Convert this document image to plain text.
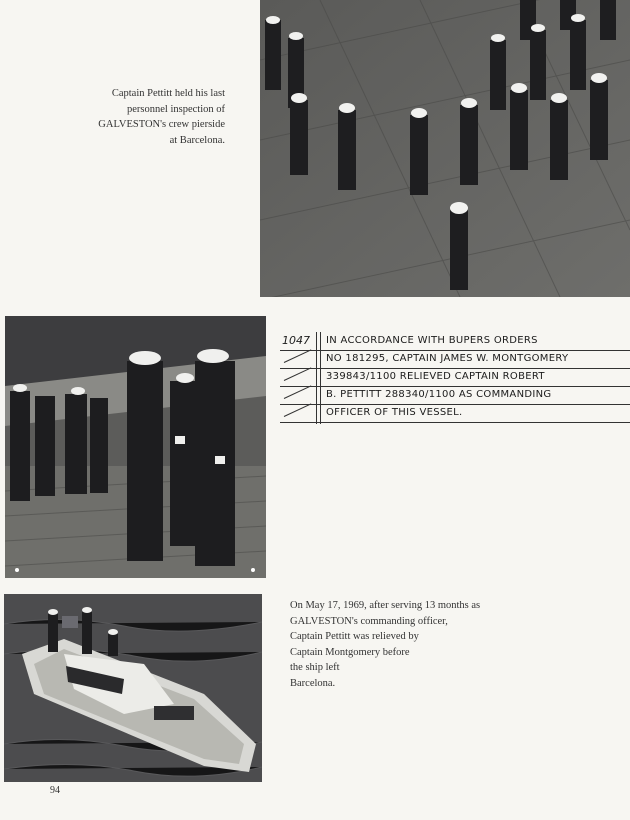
Captain Pettitt held his last
personnel inspection of
GALVESTON's crew pierside
at Barcelona.
1047	IN ACCORDANCE WITH BUPERS ORDERS
NO 181295, CAPTAIN JAMES W. MONTGOMERY
339843/1100 RELIEVED CAPTAIN ROBERT
B. PETTITT 288340/1100 AS COMMANDING
OFFICER OF THIS VESSEL.
On May 17, 1969, after serving 13 months as
GALVESTON's commanding officer,
Captain Pettitt was relieved by
Captain Montgomery before
the ship left
Barcelona.
94
